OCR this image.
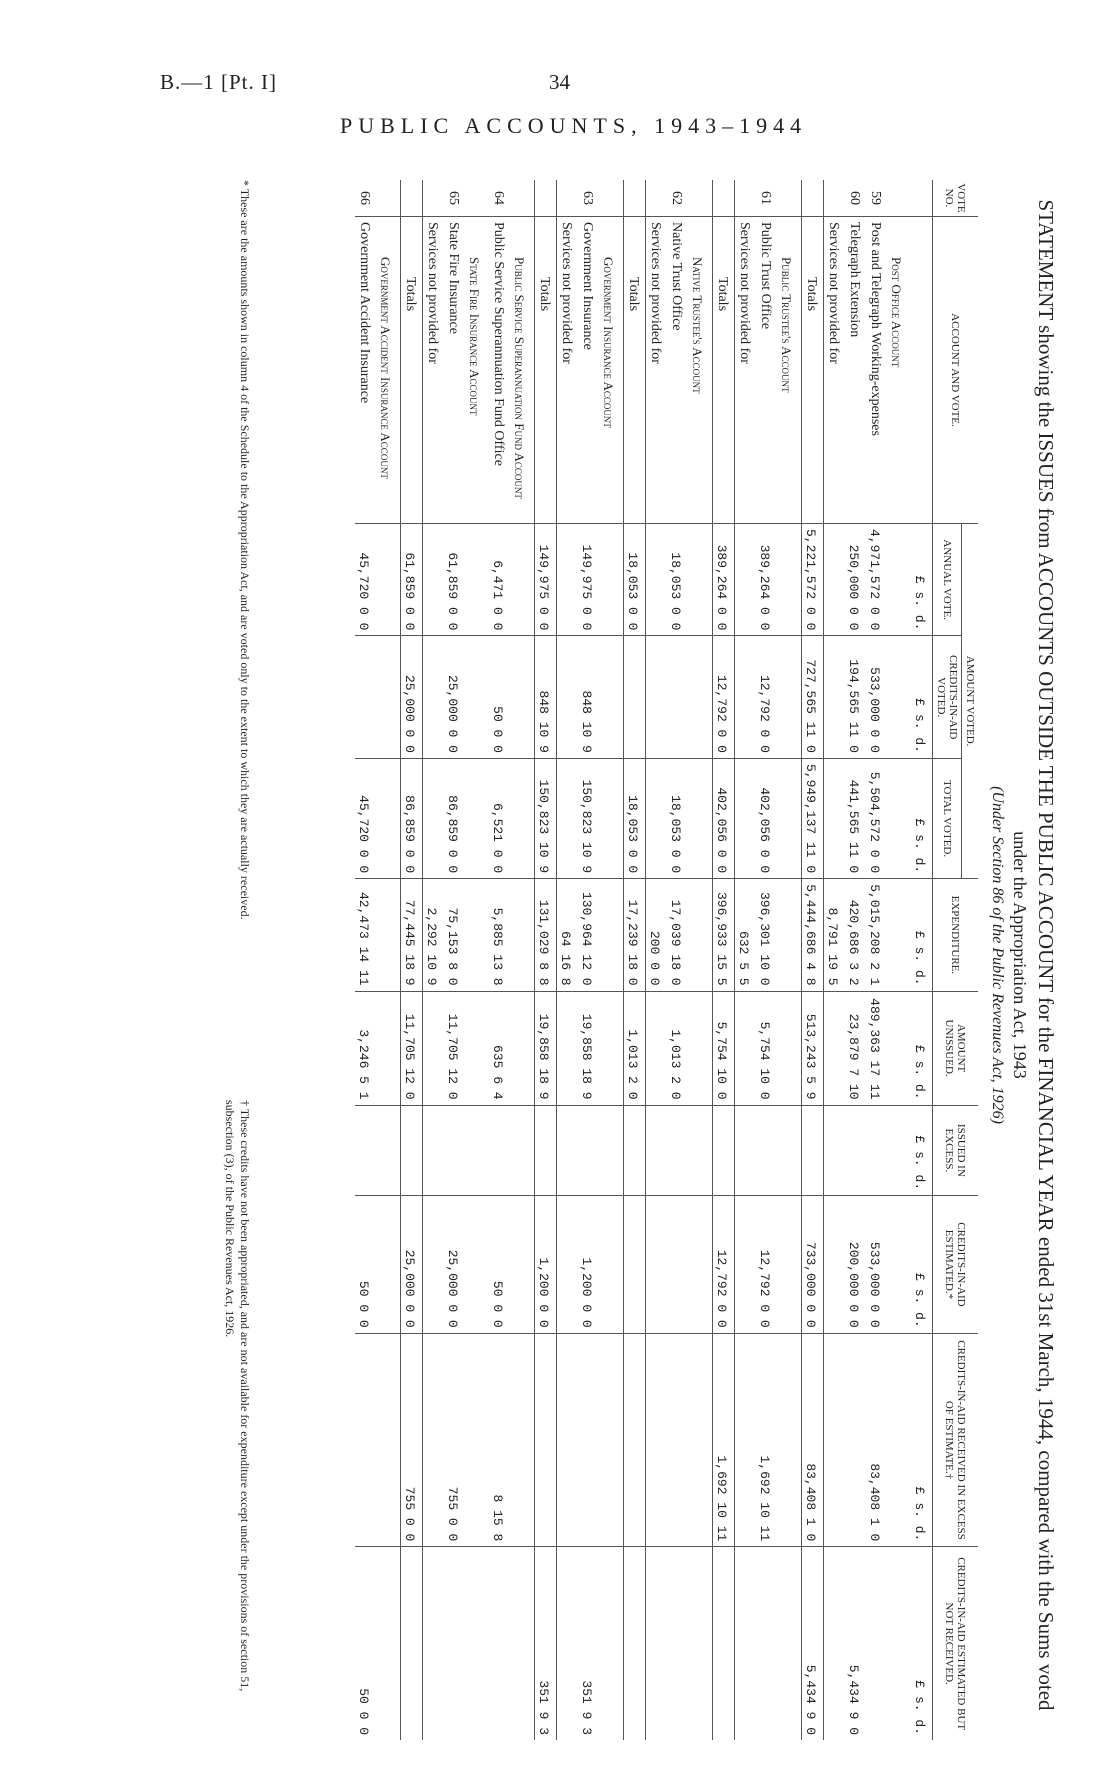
B.—1 [Pt. I]	34
PUBLIC ACCOUNTS, 1943–1944
STATEMENT showing the ISSUES from ACCOUNTS OUTSIDE THE PUBLIC ACCOUNT for the FINANCIAL YEAR ended 31st March, 1944, compared with the Sums voted
under the Appropriation Act, 1943
(Under Section 86 of the Public Revenues Act, 1926)
VOTE NO.	ACCOUNT AND VOTE.	AMOUNT VOTED.			EXPENDITURE.	AMOUNT UNISSUED.	ISSUED IN EXCESS.	CREDITS-IN-AID ESTIMATED.*	CREDITS-IN-AID RECEIVED IN EXCESS OF ESTIMATE.†	CREDITS-IN-AID ESTIMATED BUT NOT RECEIVED.
		ANNUAL VOTE.	CREDITS-IN-AID VOTED.	TOTAL VOTED.						
		£ s. d.	£ s. d.	£ s. d.	£ s. d.	£ s. d.	£ s. d.	£ s. d.	£ s. d.	£ s. d.
	Post Office Account									
59	Post and Telegraph Working-expenses	4,971,572 0 0	533,000 0 0	5,504,572 0 0	5,015,208 2 1	489,363 17 11		533,000 0 0	83,408 1 0	
60	Telegraph Extension	250,000 0 0	194,565 11 0	441,565 11 0	420,686 3 2	23,879 7 10		200,000 0 0		5,434 9 0
	Services not provided for				8,791 19 5					
	Totals	5,221,572 0 0	727,565 11 0	5,949,137 11 0	5,444,686 4 8	513,243 5 9		733,000 0 0	83,408 1 0	5,434 9 0
	Public Trustee's Account									
61	Public Trust Office	389,264 0 0	12,792 0 0	402,056 0 0	396,301 10 0	5,754 10 0		12,792 0 0	1,692 10 11	
	Services not provided for				632 5 5					
	Totals	389,264 0 0	12,792 0 0	402,056 0 0	396,933 15 5	5,754 10 0		12,792 0 0	1,692 10 11	
	Native Trustee's Account									
62	Native Trust Office	18,053 0 0		18,053 0 0	17,039 18 0	1,013 2 0				
	Services not provided for				200 0 0					
	Totals	18,053 0 0		18,053 0 0	17,239 18 0	1,013 2 0				
	Government Insurance Account									
63	Government Insurance	149,975 0 0	848 10 9	150,823 10 9	130,964 12 0	19,858 18 9		1,200 0 0		351 9 3
	Services not provided for				64 16 8					
	Totals	149,975 0 0	848 10 9	150,823 10 9	131,029 8 8	19,858 18 9		1,200 0 0		351 9 3
	Public Service Superannuation Fund Account									
64	Public Service Superannuation Fund Office	6,471 0 0	50 0 0	6,521 0 0	5,885 13 8	635 6 4		50 0 0	8 15 8	
	State Fire Insurance Account									
65	State Fire Insurance	61,859 0 0	25,000 0 0	86,859 0 0	75,153 8 0	11,705 12 0		25,000 0 0	755 0 0	
	Services not provided for				2,292 10 9					
	Totals	61,859 0 0	25,000 0 0	86,859 0 0	77,445 18 9	11,705 12 0		25,000 0 0	755 0 0	
	Government Accident Insurance Account									
66	Government Accident Insurance	45,720 0 0		45,720 0 0	42,473 14 11	3,246 5 1		50 0 0		50 0 0
* These are the amounts shown in column 4 of the Schedule to the Appropriation Act, and are voted only to the extent to which they are actually received.
† These credits have not been appropriated, and are not available for expenditure except under the provisions of section 51, subsection (3), of the Public Revenues Act, 1926.
